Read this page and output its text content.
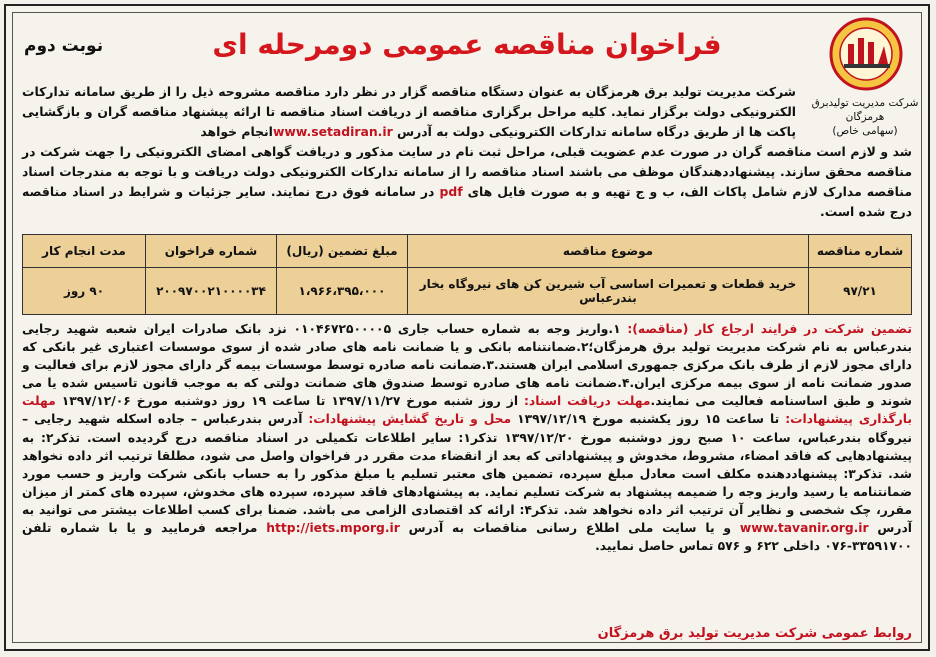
شرکت مدیریت تولیدبرق هرمزگان
(سهامی خاص)
فراخوان مناقصه عمومی دومرحله ای
نوبت دوم
شرکت مدیریت تولید برق هرمزگان به عنوان دستگاه مناقصه گزار در نظر دارد مناقصه مشروحه ذیل را از طریق سامانه تدارکات الکترونیکی دولت برگزار نماید. کلیه مراحل برگزاری مناقصه از دریافت اسناد مناقصه تا ارائه پیشنهاد مناقصه گران و بازگشایی پاکت ها از طریق درگاه سامانه تدارکات الکترونیکی دولت به آدرس www.setadiran.irانجام خواهد
شد و لازم است مناقصه گران در صورت عدم عضویت قبلی، مراحل ثبت نام در سایت مذکور و دریافت گواهی امضای الکترونیکی را جهت شرکت در مناقصه محقق سازند. پیشنهاددهندگان موظف می باشند اسناد مناقصه را از سامانه تدارکات الکترونیکی دولت دریافت و با توجه به مندرجات اسناد مناقصه مدارک لازم شامل پاکات الف، ب و ج تهیه و به صورت فایل های pdf در سامانه فوق درج نمایند. سایر جزئیات و شرایط در اسناد مناقصه درج شده است.
شماره مناقصه	موضوع مناقصه	مبلغ تضمین (ریال)	شماره فراخوان	مدت انجام کار
۹۷/۲۱	خرید قطعات و تعمیرات اساسی آب شیرین کن های نیروگاه بخار بندرعباس	۱،۹۶۶،۳۹۵،۰۰۰	۲۰۰۹۷۰۰۲۱۰۰۰۰۳۴	۹۰ روز
تضمین شرکت در فرایند ارجاع کار (مناقصه): ۱.واریز وجه به شماره حساب جاری ۰۱۰۴۶۷۲۵۰۰۰۰۵ نزد بانک صادرات ایران شعبه شهید رجایی بندرعباس به نام شرکت مدیریت تولید برق هرمزگان؛۲.ضمانتنامه بانکی و یا ضمانت نامه های صادر شده از سوی موسسات اعتباری غیر بانکی که دارای مجوز لازم از طرف بانک مرکزی جمهوری اسلامی ایران هستند.۳.ضمانت نامه صادره توسط موسسات بیمه گر دارای مجوز لازم برای فعالیت و صدور ضمانت نامه از سوی بیمه مرکزی ایران.۴.ضمانت نامه های صادره توسط صندوق های ضمانت دولتی که به موجب قانون تاسیس شده یا می شوند و طبق اساسنامه فعالیت می نمایند.مهلت دریافت اسناد: از روز شنبه مورخ ۱۳۹۷/۱۱/۲۷ تا ساعت ۱۹ روز دوشنبه مورخ ۱۳۹۷/۱۲/۰۶ مهلت بارگذاری پیشنهادات: تا ساعت ۱۵ روز یکشنبه مورخ ۱۳۹۷/۱۲/۱۹ محل و تاریخ گشایش پیشنهادات: آدرس بندرعباس – جاده اسکله شهید رجایی – نیروگاه بندرعباس، ساعت ۱۰ صبح روز دوشنبه مورخ ۱۳۹۷/۱۲/۲۰ تذکر۱: سایر اطلاعات تکمیلی در اسناد مناقصه درج گردیده است. تذکر۲: به پیشنهادهایی که فاقد امضاء، مشروط، مخدوش و پیشنهاداتی که بعد از انقضاء مدت مقرر در فراخوان واصل می شود، مطلقا ترتیب اثر داده نخواهد شد. تذکر۳: پیشنهاددهنده مکلف است معادل مبلغ سپرده، تضمین های معتبر تسلیم یا مبلغ مذکور را به حساب بانکی شرکت واریز و حسب مورد ضمانتنامه یا رسید واریز وجه را ضمیمه پیشنهاد به شرکت تسلیم نماید. به پیشنهادهای فاقد سپرده، سپرده های مخدوش، سپرده های کمتر از میزان مقرر، چک شخصی و نظایر آن ترتیب اثر داده نخواهد شد. تذکر۴: ارائه کد اقتصادی الزامی می باشد. ضمنا برای کسب اطلاعات بیشتر می توانید به آدرس www.tavanir.org.ir و یا سایت ملی اطلاع رسانی مناقصات به آدرس http://iets.mporg.ir مراجعه فرمایید و یا با شماره تلفن ۳۳۵۹۱۷۰۰-۰۷۶ داخلی ۶۲۲ و ۵۷۶ تماس حاصل نمایید.
روابط عمومی شرکت مدیریت تولید برق هرمزگان
